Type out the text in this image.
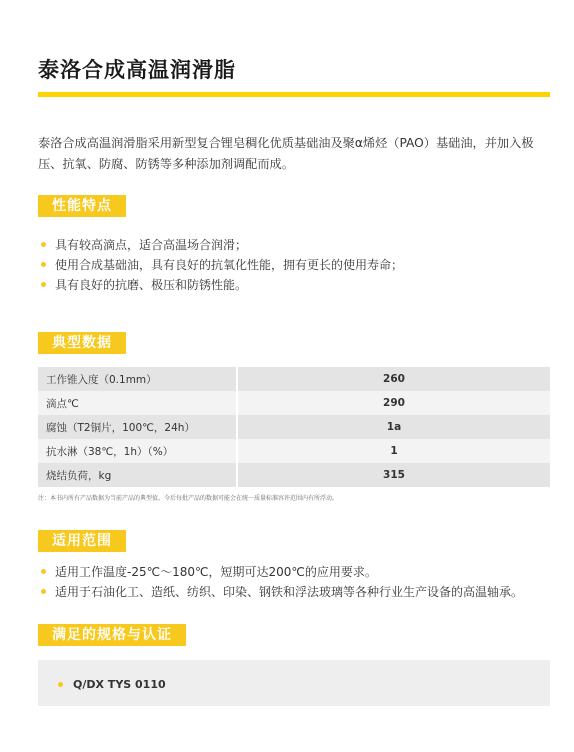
泰洛合成高温润滑脂
泰洛合成高温润滑脂采用新型复合锂皂稠化优质基础油及聚α烯烃（PAO）基础油，并加入极压、抗氧、防腐、防锈等多种添加剂调配而成。
性能特点
具有较高滴点，适合高温场合润滑；
使用合成基础油，具有良好的抗氧化性能，拥有更长的使用寿命；
具有良好的抗磨、极压和防锈性能。
典型数据
工作锥入度（0.1mm）	260
滴点℃	290
腐蚀（T2铜片，100℃，24h）	1a
抗水淋（38℃，1h）（%）	1
烧结负荷，kg	315
注：本书内所有产品数据为当前产品的典型值。今后每批产品的数据可能会在统一质量标准容许范围内有所浮动。
适用范围
适用工作温度-25℃～180℃，短期可达200℃的应用要求。
适用于石油化工、造纸、纺织、印染、钢铁和浮法玻璃等各种行业生产设备的高温轴承。
满足的规格与认证
Q/DX TYS 0110
